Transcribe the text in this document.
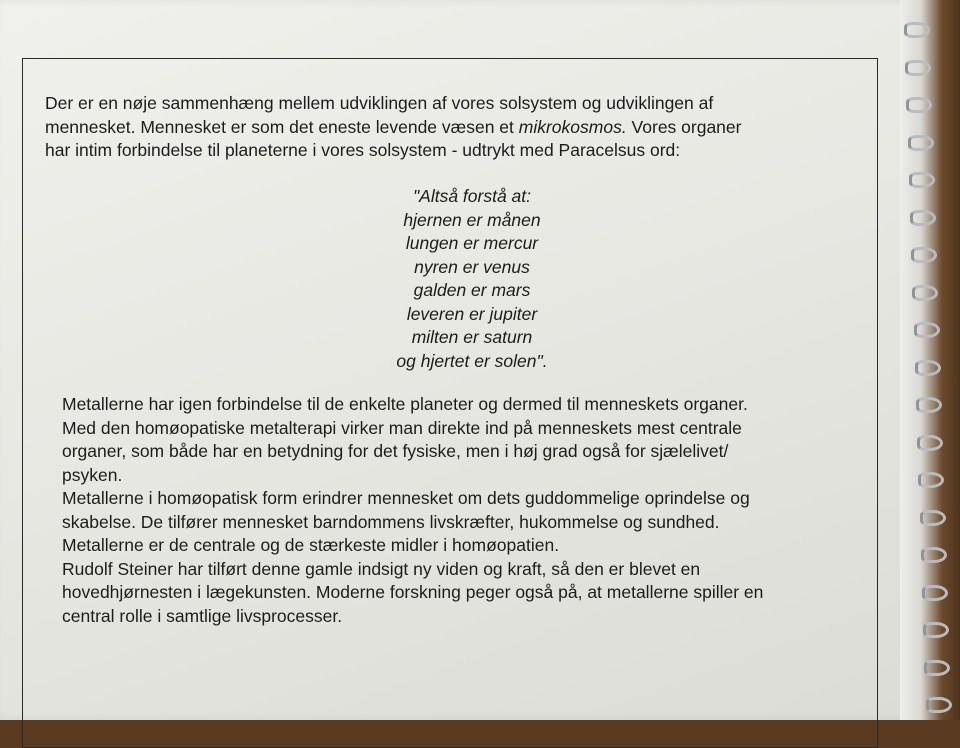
Der er en nøje sammenhæng mellem udviklingen af vores solsystem og udviklingen af
mennesket. Mennesket er som det eneste levende væsen et mikrokosmos. Vores organer
har intim forbindelse til planeterne i vores solsystem - udtrykt med Paracelsus ord:
"Altså forstå at:
hjernen er månen
lungen er mercur
nyren er venus
galden er mars
leveren er jupiter
milten er saturn
og hjertet er solen".
Metallerne har igen forbindelse til de enkelte planeter og dermed til menneskets organer.
Med den homøopatiske metalterapi virker man direkte ind på menneskets mest centrale
organer, som både har en betydning for det fysiske, men i høj grad også for sjælelivet/
psyken.
Metallerne i homøopatisk form erindrer mennesket om dets guddommelige oprindelse og
skabelse. De tilfører mennesket barndommens livskræfter, hukommelse og sundhed.
Metallerne er de centrale og de stærkeste midler i homøopatien.
Rudolf Steiner har tilført denne gamle indsigt ny viden og kraft, så den er blevet en
hovedhjørnesten i lægekunsten. Moderne forskning peger også på, at metallerne spiller en
central rolle i samtlige livsprocesser.
